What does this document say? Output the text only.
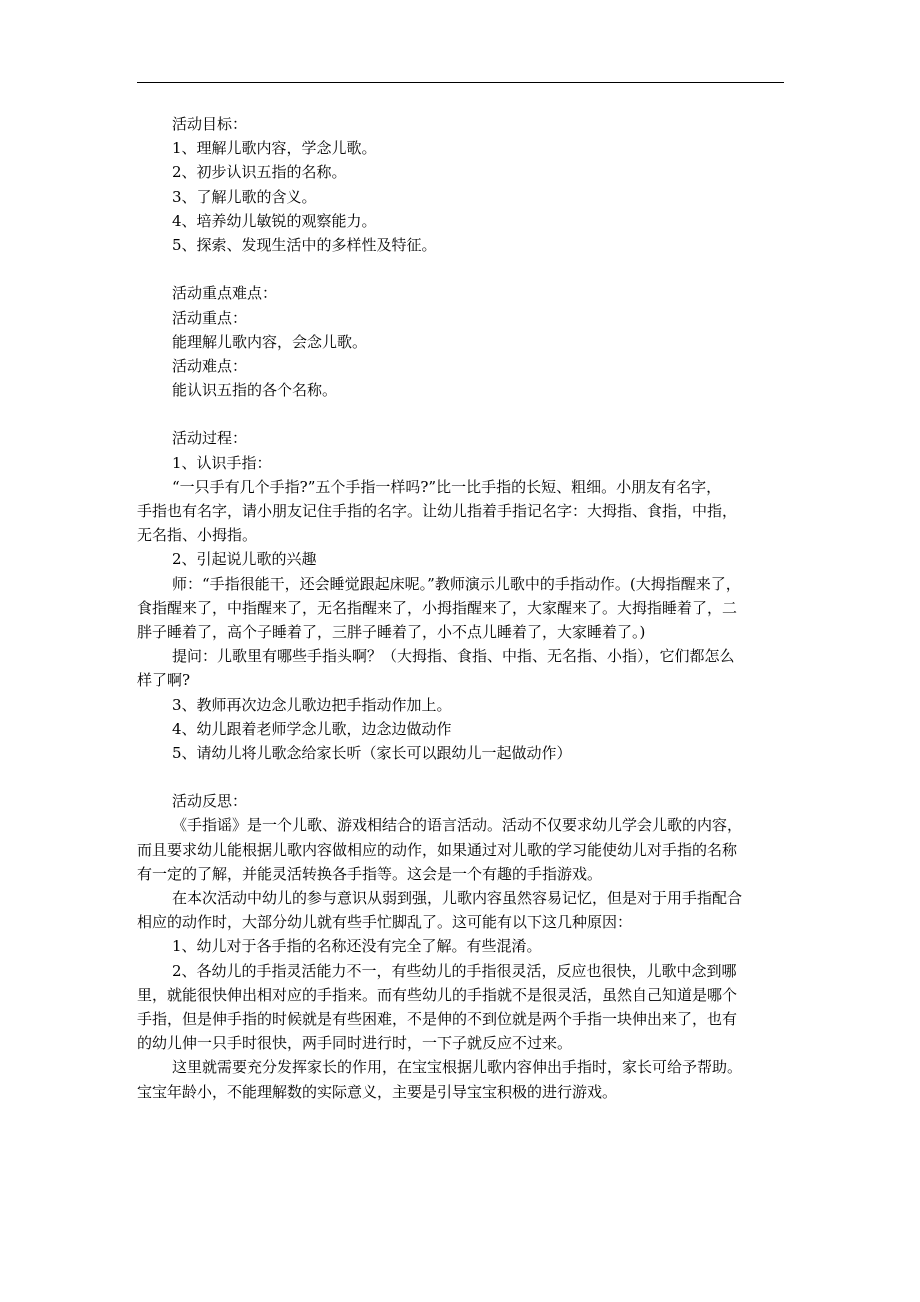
活动目标：
1、理解儿歌内容，学念儿歌。
2、初步认识五指的名称。
3、了解儿歌的含义。
4、培养幼儿敏锐的观察能力。
5、探索、发现生活中的多样性及特征。
活动重点难点：
活动重点：
能理解儿歌内容，会念儿歌。
活动难点：
能认识五指的各个名称。
活动过程：
1、认识手指：
“一只手有几个手指?”五个手指一样吗?”比一比手指的长短、粗细。小朋友有名字，
手指也有名字，请小朋友记住手指的名字。让幼儿指着手指记名字：大拇指、食指，中指，
无名指、小拇指。
2、引起说儿歌的兴趣
师：“手指很能干，还会睡觉跟起床呢。”教师演示儿歌中的手指动作。(大拇指醒来了，
食指醒来了，中指醒来了，无名指醒来了，小拇指醒来了，大家醒来了。大拇指睡着了，二
胖子睡着了，高个子睡着了，三胖子睡着了，小不点儿睡着了，大家睡着了。)
提问：儿歌里有哪些手指头啊？（大拇指、食指、中指、无名指、小指），它们都怎么
样了啊?
3、教师再次边念儿歌边把手指动作加上。
4、幼儿跟着老师学念儿歌，边念边做动作
5、请幼儿将儿歌念给家长听（家长可以跟幼儿一起做动作）
活动反思：
《手指谣》是一个儿歌、游戏相结合的语言活动。活动不仅要求幼儿学会儿歌的内容，
而且要求幼儿能根据儿歌内容做相应的动作，如果通过对儿歌的学习能使幼儿对手指的名称
有一定的了解，并能灵活转换各手指等。这会是一个有趣的手指游戏。
在本次活动中幼儿的参与意识从弱到强，儿歌内容虽然容易记忆，但是对于用手指配合
相应的动作时，大部分幼儿就有些手忙脚乱了。这可能有以下这几种原因：
1、幼儿对于各手指的名称还没有完全了解。有些混淆。
2、各幼儿的手指灵活能力不一，有些幼儿的手指很灵活，反应也很快，儿歌中念到哪
里，就能很快伸出相对应的手指来。而有些幼儿的手指就不是很灵活，虽然自己知道是哪个
手指，但是伸手指的时候就是有些困难，不是伸的不到位就是两个手指一块伸出来了，也有
的幼儿伸一只手时很快，两手同时进行时，一下子就反应不过来。
这里就需要充分发挥家长的作用，在宝宝根据儿歌内容伸出手指时，家长可给予帮助。
宝宝年龄小，不能理解数的实际意义，主要是引导宝宝积极的进行游戏。
